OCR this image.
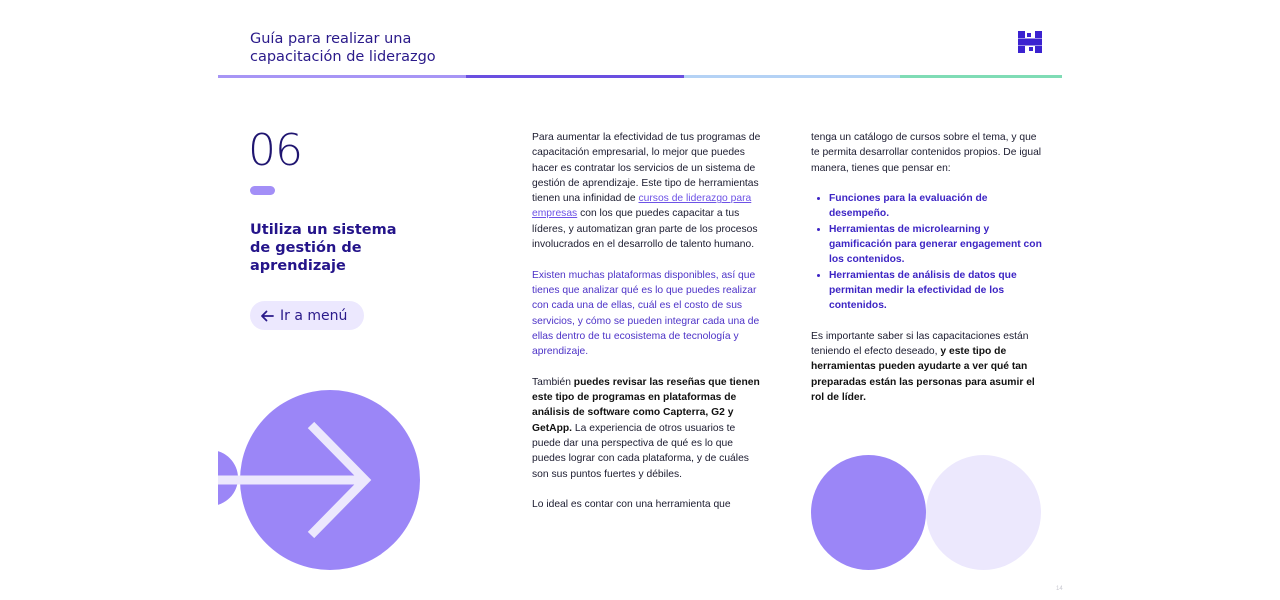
Guía para realizar una
capacitación de liderazgo
06
Utiliza un sistema
de gestión de
aprendizaje
Ir a menú

Para aumentar la efectividad de tus programas de capacitación empresarial, lo mejor que puedes hacer es contratar los servicios de un sistema de gestión de aprendizaje. Este tipo de herramientas tienen una infinidad de cursos de liderazgo para empresas con los que puedes capacitar a tus líderes, y automatizan gran parte de los procesos involucrados en el desarrollo de talento humano.

Existen muchas plataformas disponibles, así que tienes que analizar qué es lo que puedes realizar con cada una de ellas, cuál es el costo de sus servicios, y cómo se pueden integrar cada una de ellas dentro de tu ecosistema de tecnología y aprendizaje.

También puedes revisar las reseñas que tienen este tipo de programas en plataformas de análisis de software como Capterra, G2 y GetApp. La experiencia de otros usuarios te puede dar una perspectiva de qué es lo que puedes lograr con cada plataforma, y de cuáles son sus puntos fuertes y débiles.

Lo ideal es contar con una herramienta que

tenga un catálogo de cursos sobre el tema, y que te permita desarrollar contenidos propios. De igual manera, tienes que pensar en:

• Funciones para la evaluación de desempeño.
• Herramientas de microlearning y gamificación para generar engagement con los contenidos.
• Herramientas de análisis de datos que permitan medir la efectividad de los contenidos.

Es importante saber si las capacitaciones están teniendo el efecto deseado, y este tipo de herramientas pueden ayudarte a ver qué tan preparadas están las personas para asumir el rol de líder.

14
